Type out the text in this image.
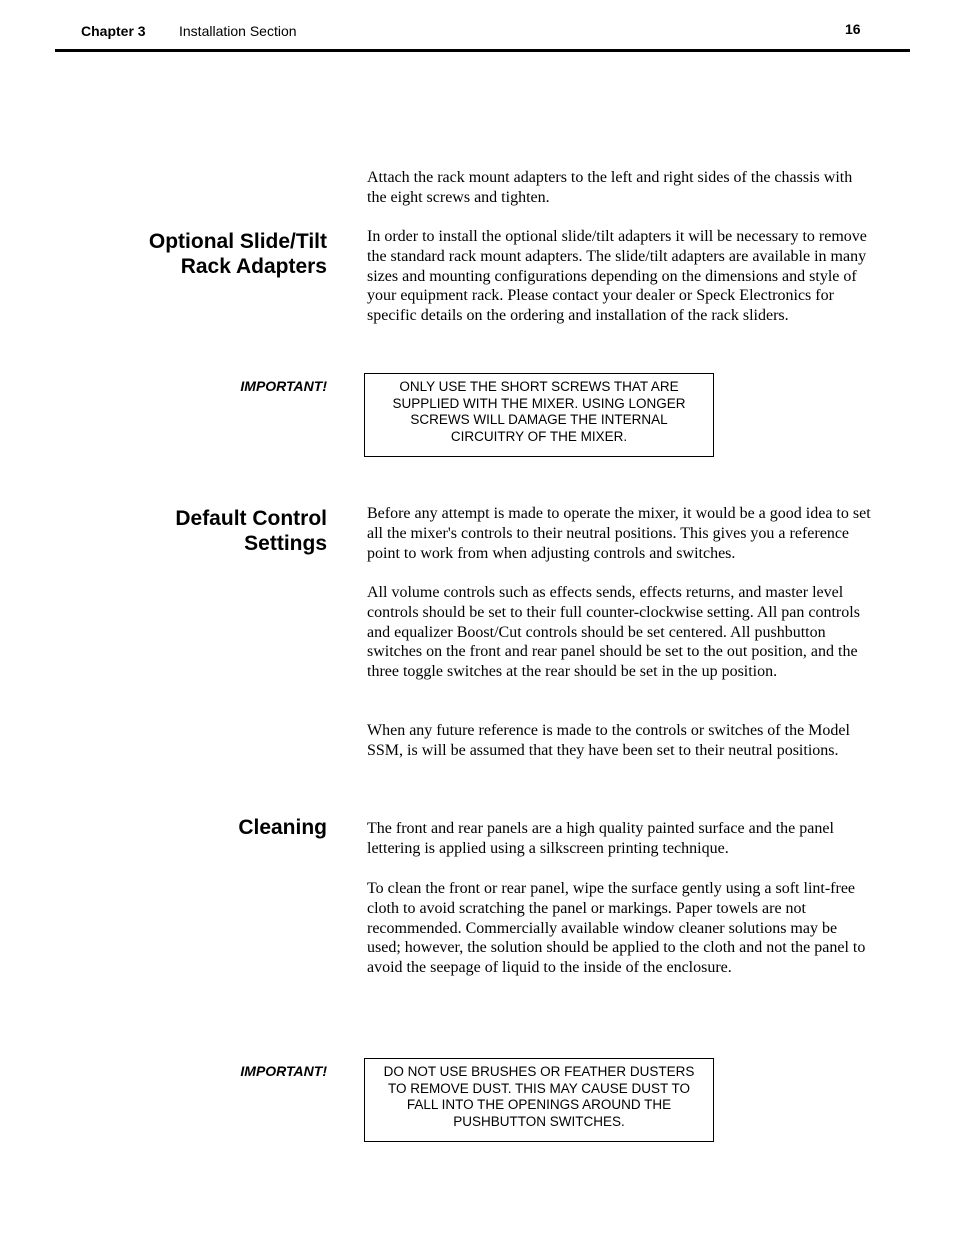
Chapter 3 Installation Section	16

Attach the rack mount adapters to the left and right sides of the chassis with the eight screws and tighten.

Optional Slide/Tilt
Rack Adapters

In order to install the optional slide/tilt adapters it will be necessary to remove the standard rack mount adapters. The slide/tilt adapters are available in many sizes and mounting configurations depending on the dimensions and style of your equipment rack. Please contact your dealer or Speck Electronics for specific details on the ordering and installation of the rack sliders.

IMPORTANT!	ONLY USE THE SHORT SCREWS THAT ARE SUPPLIED WITH THE MIXER. USING LONGER SCREWS WILL DAMAGE THE INTERNAL CIRCUITRY OF THE MIXER.
Default Control
Settings

Before any attempt is made to operate the mixer, it would be a good idea to set all the mixer's controls to their neutral positions. This gives you a reference point to work from when adjusting controls and switches.

All volume controls such as effects sends, effects returns, and master level controls should be set to their full counter-clockwise setting. All pan controls and equalizer Boost/Cut controls should be set centered. All pushbutton switches on the front and rear panel should be set to the out position, and the three toggle switches at the rear should be set in the up position.

When any future reference is made to the controls or switches of the Model SSM, is will be assumed that they have been set to their neutral positions.

Cleaning	The front and rear panels are a high quality painted surface and the panel lettering is applied using a silkscreen printing technique.

To clean the front or rear panel, wipe the surface gently using a soft lint-free cloth to avoid scratching the panel or markings. Paper towels are not recommended. Commercially available window cleaner solutions may be used; however, the solution should be applied to the cloth and not the panel to avoid the seepage of liquid to the inside of the enclosure.

IMPORTANT!	DO NOT USE BRUSHES OR FEATHER DUSTERS TO REMOVE DUST. THIS MAY CAUSE DUST TO FALL INTO THE OPENINGS AROUND THE PUSHBUTTON SWITCHES.
